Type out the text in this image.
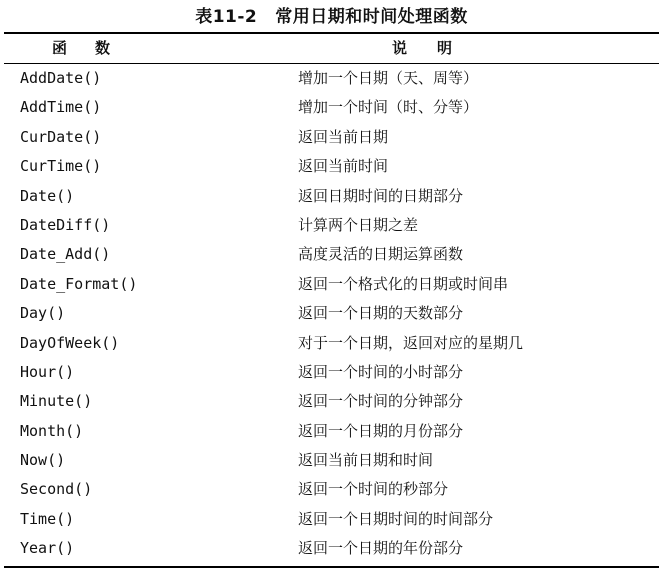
表11-2 常用日期和时间处理函数
函数	说明
AddDate()	增加一个日期（天、周等）
AddTime()	增加一个时间（时、分等）
CurDate()	返回当前日期
CurTime()	返回当前时间
Date()	返回日期时间的日期部分
DateDiff()	计算两个日期之差
Date_Add()	高度灵活的日期运算函数
Date_Format()	返回一个格式化的日期或时间串
Day()	返回一个日期的天数部分
DayOfWeek()	对于一个日期，返回对应的星期几
Hour()	返回一个时间的小时部分
Minute()	返回一个时间的分钟部分
Month()	返回一个日期的月份部分
Now()	返回当前日期和时间
Second()	返回一个时间的秒部分
Time()	返回一个日期时间的时间部分
Year()	返回一个日期的年份部分
